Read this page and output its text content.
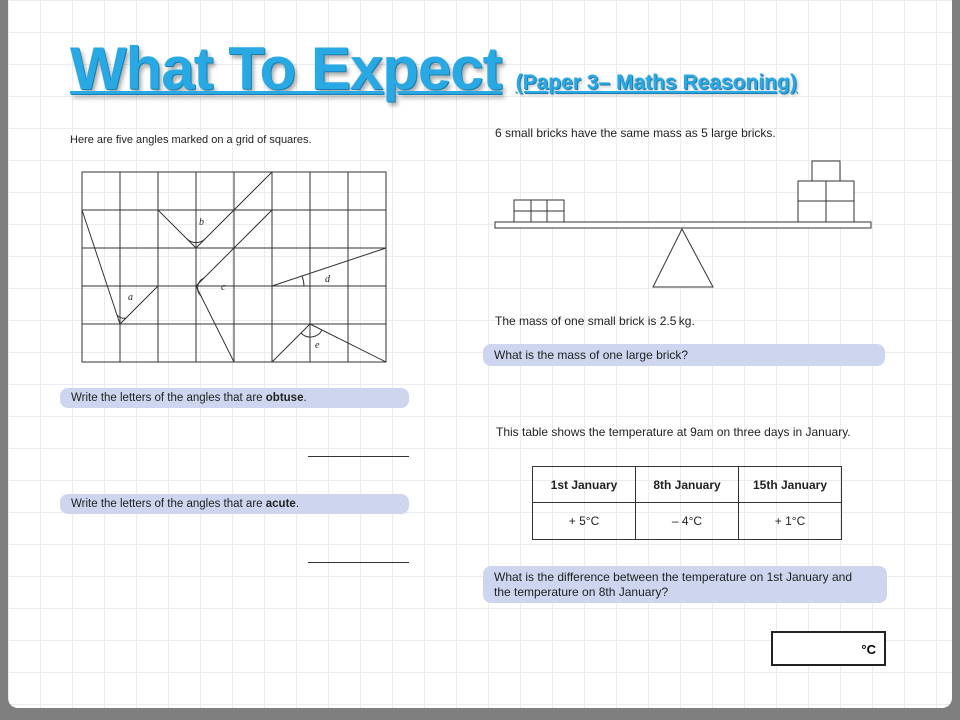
What To Expect (Paper 3– Maths Reasoning)
Here are five angles marked on a grid of squares.
a
b
c
d
e
Write the letters of the angles that are obtuse .
Write the letters of the angles that are acute .
6 small bricks have the same mass as 5 large bricks.
The mass of one small brick is 2.5 kg.
What is the mass of one large brick?
This table shows the temperature at 9am on three days in January.
1st January	8th January	15th January
+ 5°C	– 4°C	+ 1°C
What is the difference between the temperature on 1st January and
the temperature on 8th January?
°C
